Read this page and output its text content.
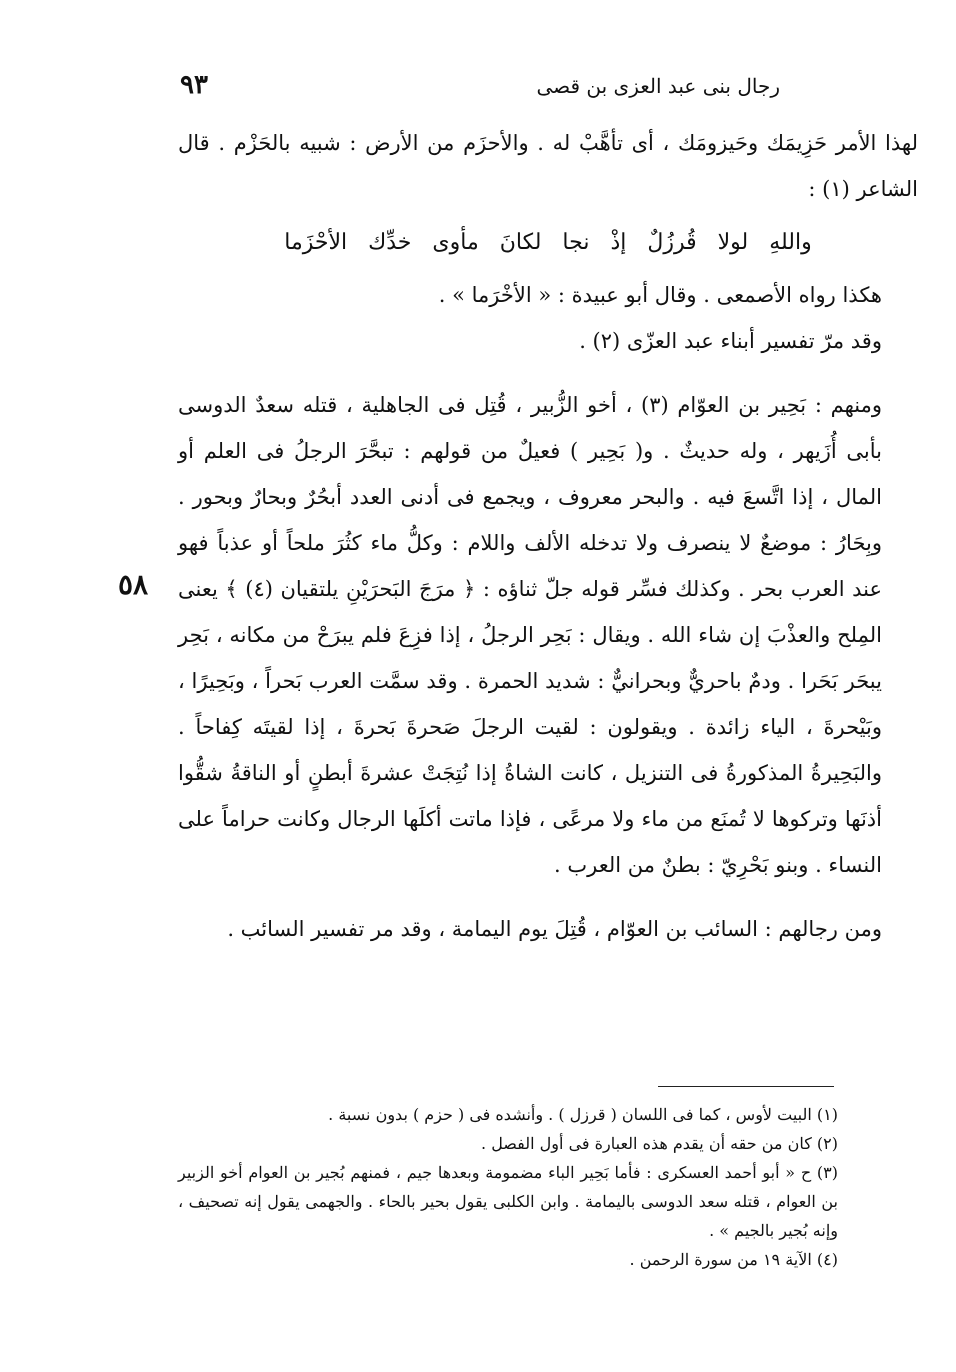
٩٣	رجال بنى عبد العزى بن قصى
٥٨

لهذا الأمر حَزِيمَك وحَيزومَك ، أى تأهَّبْ له . والأحزَم من الأرض : شبيه بالحَزْم . قال الشاعر (١) :

واللهِ لولا قُرزُلٌ إذْ نجا لكانَ مأوى خدِّك الأحْزَما

هكذا رواه الأصمعى . وقال أبو عبيدة : « الأخْرَما » .

وقد مرّ تفسير أبناء عبد العزّى (٢) .

ومنهم : بَحِير بن العوّام (٣) ، أخو الزُّبير ، قُتِل فى الجاهلية ، قتله سعدٌ الدوسى بأبى أُزَيهر ، وله حديثٌ . و( بَحِير ) فعيلٌ من قولهم : تبحَّرَ الرجلُ فى العلم أو المال ، إذا اتَّسعَ فيه . والبحر معروف ، ويجمع فى أدنى العدد أبحُرٌ وبحارٌ وبحور . وبِحَارُ : موضعٌ لا ينصرف ولا تدخله الألف واللام : وكلُّ ماء كثُرَ ملحاً أو عذباً فهو عند العرب بحر . وكذلك فسِّر قوله جلّ ثناؤه : ﴿ مرَجَ البَحرَيْنِ يلتقيان (٤) ﴾ يعنى المِلح والعذْبَ إن شاء الله . ويقال : بَحِر الرجلُ ، إذا فزِعَ فلم يبرَحْ من مكانه ، بَحِر يبحَر بَحَرا . ودمٌ باحريٌّ وبحرانيٌّ : شديد الحمرة . وقد سمَّت العرب بَحراً ، وبَحِيرًا ، وبَيْحرةَ ، الياء زائدة . ويقولون : لقيت الرجلَ صَحرةَ بَحرةَ ، إذا لقيتَه كِفاحاً . والبَحِيرةُ المذكورةُ فى التنزيل ، كانت الشاةُ إذا نُتِجَتْ عشرةَ أبطنٍ أو الناقةُ شقُّوا أذنَها وتركوها لا تُمنَع من ماء ولا مرعًى ، فإذا ماتت أكلَها الرجال وكانت حراماً على النساء . وبنو بَحْرِيّ : بطنٌ من العرب .

ومن رجالهم : السائب بن العوّام ، قُتِلَ يوم اليمامة ، وقد مر تفسير السائب .

(١) البيت لأوس ، كما فى اللسان ( قرزل ) . وأنشده فى ( حزم ) بدون نسبة .

(٢) كان من حقه أن يقدم هذه العبارة فى أول الفصل .

(٣) ح « أبو أحمد العسكرى : فأما بَحِير الباء مضمومة وبعدها جيم ، فمنهم بُجير بن العوام أخو الزبير بن العوام ، قتله سعد الدوسى باليمامة . وابن الكلبى يقول بحير بالحاء . والجهمى يقول إنه تصحيف ، وإنه بُجير بالجيم » .

(٤) الآية ١٩ من سورة الرحمن .
